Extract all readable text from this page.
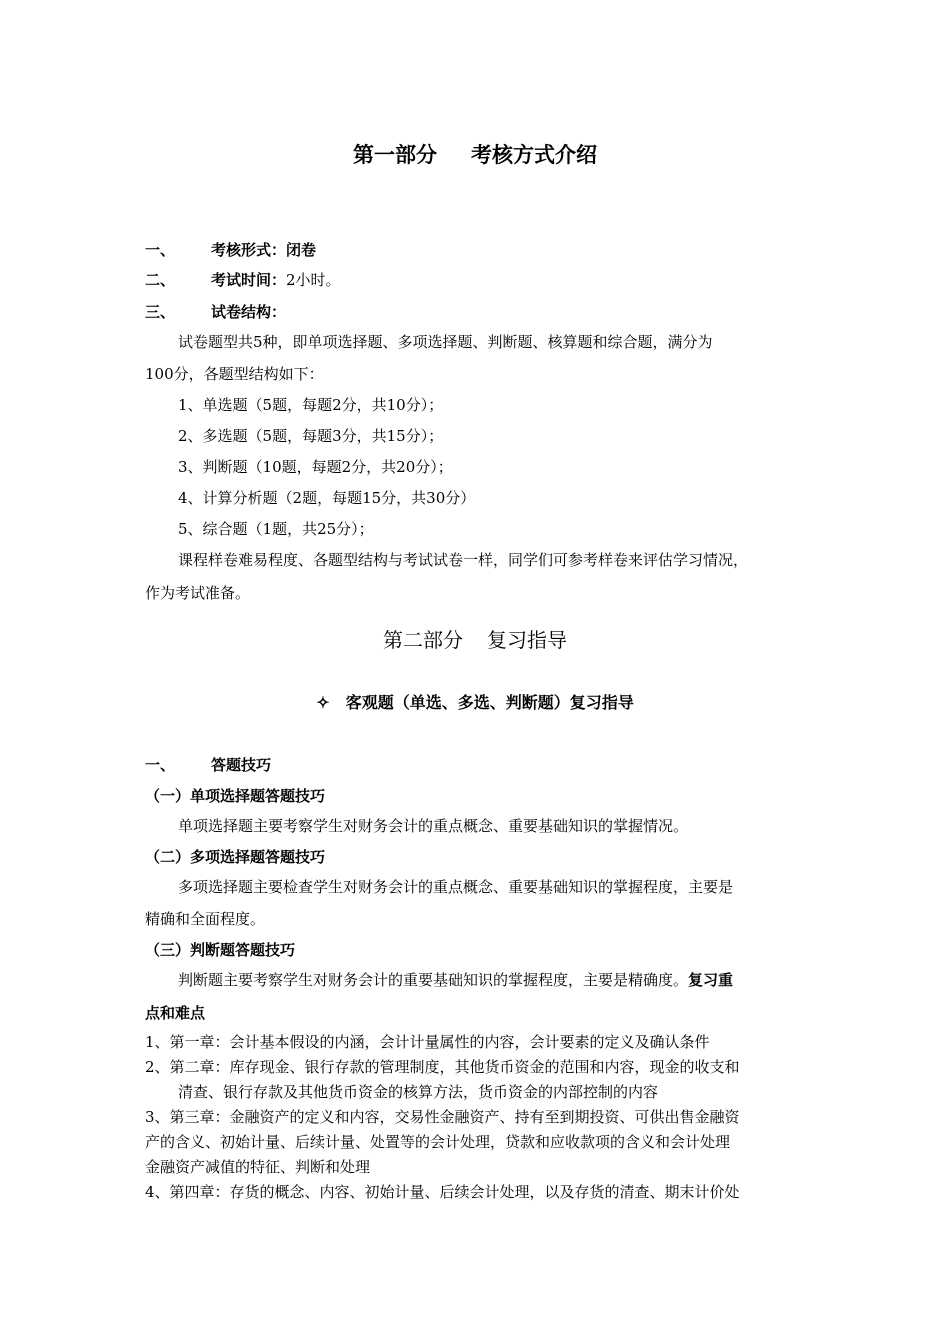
第一部分 考核方式介绍
一、 考核形式：闭卷
二、 考试时间：2小时。
三、 试卷结构：
试卷题型共5种，即单项选择题、多项选择题、判断题、核算题和综合题，满分为
100分，各题型结构如下：
1、单选题（5题，每题2分，共10分）；
2、多选题（5题，每题3分，共15分）；
3、判断题（10题，每题2分，共20分）；
4、计算分析题（2题，每题15分，共30分）
5、综合题（1题，共25分）；
课程样卷难易程度、各题型结构与考试试卷一样，同学们可参考样卷来评估学习情况，
作为考试准备。
第二部分 复习指导
✧ 客观题（单选、多选、判断题）复习指导
一、 答题技巧
（一）单项选择题答题技巧
单项选择题主要考察学生对财务会计的重点概念、重要基础知识的掌握情况。
（二）多项选择题答题技巧
多项选择题主要检查学生对财务会计的重点概念、重要基础知识的掌握程度，主要是
精确和全面程度。
（三）判断题答题技巧
判断题主要考察学生对财务会计的重要基础知识的掌握程度，主要是精确度。复习重
点和难点
1、第一章：会计基本假设的内涵，会计计量属性的内容，会计要素的定义及确认条件
2、第二章：库存现金、银行存款的管理制度，其他货币资金的范围和内容，现金的收支和
清查、银行存款及其他货币资金的核算方法，货币资金的内部控制的内容
3、第三章：金融资产的定义和内容，交易性金融资产、持有至到期投资、可供出售金融资
产的含义、初始计量、后续计量、处置等的会计处理，贷款和应收款项的含义和会计处理
金融资产减值的特征、判断和处理
4、第四章：存货的概念、内容、初始计量、后续会计处理，以及存货的清查、期末计价处
